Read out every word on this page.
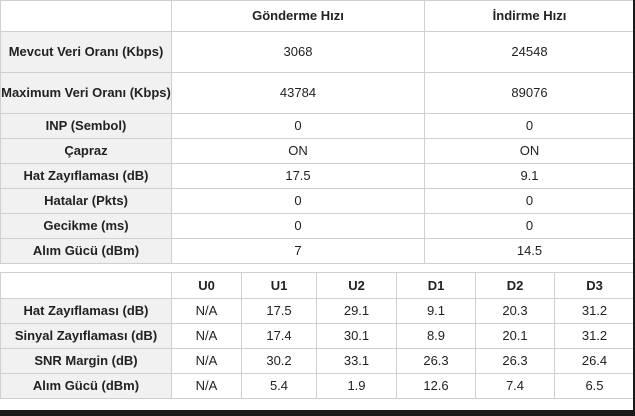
	Gönderme Hızı	İndirme Hızı
Mevcut Veri Oranı (Kbps)	3068	24548
Maximum Veri Oranı (Kbps)	43784	89076
INP (Sembol)	0	0
Çapraz	ON	ON
Hat Zayıflaması (dB)	17.5	9.1
Hatalar (Pkts)	0	0
Gecikme (ms)	0	0
Alım Gücü (dBm)	7	14.5
	U0	U1	U2	D1	D2	D3
Hat Zayıflaması (dB)	N/A	17.5	29.1	9.1	20.3	31.2
Sinyal Zayıflaması (dB)	N/A	17.4	30.1	8.9	20.1	31.2
SNR Margin (dB)	N/A	30.2	33.1	26.3	26.3	26.4
Alım Gücü (dBm)	N/A	5.4	1.9	12.6	7.4	6.5
